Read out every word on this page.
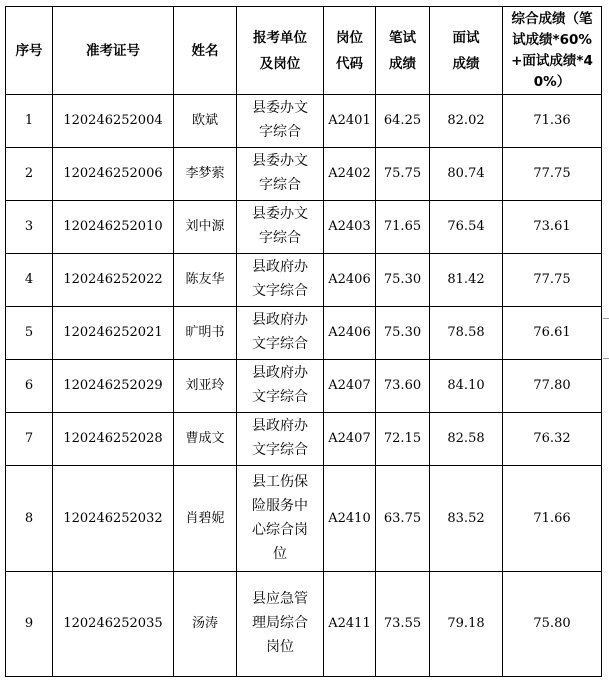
序号	准考证号	姓名	报考单位及岗位	岗位代码	笔试成绩	面试成绩	综合成绩（笔试成绩*60%+面试成绩*40%）
1	120246252004	欧斌	县委办文字综合	A2401	64.25	82.02	71.36
2	120246252006	李梦萦	县委办文字综合	A2402	75.75	80.74	77.75
3	120246252010	刘中源	县委办文字综合	A2403	71.65	76.54	73.61
4	120246252022	陈友华	县政府办文字综合	A2406	75.30	81.42	77.75
5	120246252021	旷明书	县政府办文字综合	A2406	75.30	78.58	76.61
6	120246252029	刘亚玲	县政府办文字综合	A2407	73.60	84.10	77.80
7	120246252028	曹成文	县政府办文字综合	A2407	72.15	82.58	76.32
8	120246252032	肖碧妮	县工伤保险服务中心综合岗位	A2410	63.75	83.52	71.66
9	120246252035	汤涛	县应急管理局综合岗位	A2411	73.55	79.18	75.80
